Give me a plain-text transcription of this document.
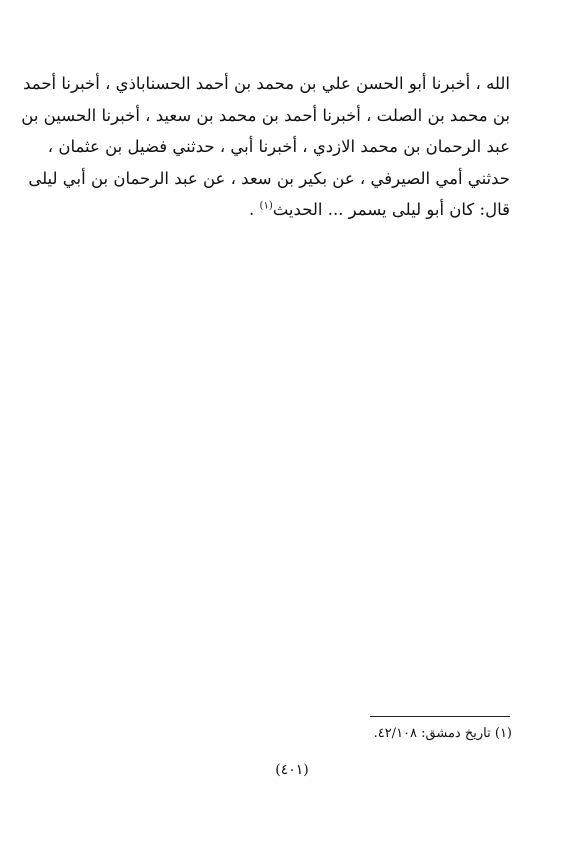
الله ، أخبرنا أبو الحسن علي بن محمد بن أحمد الحسناباذي ، أخبرنا أحمد
بن محمد بن الصلت ، أخبرنا أحمد بن محمد بن سعيد ، أخبرنا الحسين بن
عبد الرحمان بن محمد الازدي ، أخبرنا أبي ، حدثني فضيل بن عثمان ،
حدثني أمي الصيرفي ، عن بكير بن سعد ، عن عبد الرحمان بن أبي ليلى
قال: كان أبو ليلى يسمر ... الحديث$^{(١)}$ .
(١) تاريخ دمشق: ٤٢/١٠٨.
(٤٠١)
